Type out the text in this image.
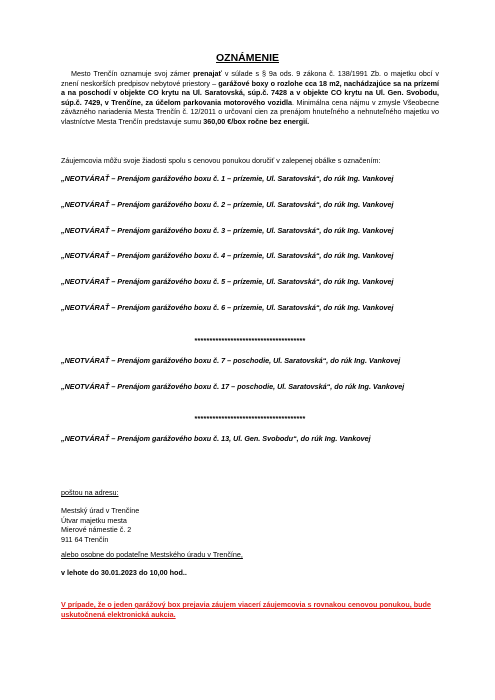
OZNÁMENIE

Mesto Trenčín oznamuje svoj zámer prenajať v súlade s § 9a ods. 9 zákona č. 138/1991 Zb. o majetku obcí v znení neskorších predpisov nebytové priestory – garážové boxy o rozlohe cca 18 m2, nachádzajúce sa na prízemí a na poschodí v objekte CO krytu na Ul. Saratovská, súp.č. 7428 a v objekte CO krytu na Ul. Gen. Svobodu, súp.č. 7429, v Trenčíne, za účelom parkovania motorového vozidla. Minimálna cena nájmu v zmysle Všeobecne záväzného nariadenia Mesta Trenčín č. 12/2011 o určovaní cien za prenájom hnuteľného a nehnuteľného majetku vo vlastníctve Mesta Trenčín predstavuje sumu 360,00 €/box ročne bez energií.

Záujemcovia môžu svoje žiadosti spolu s cenovou ponukou doručiť v zalepenej obálke s označením:
„NEOTVÁRAŤ – Prenájom garážového boxu č. 1 – prízemie, Ul. Saratovská“, do rúk Ing. Vankovej
„NEOTVÁRAŤ – Prenájom garážového boxu č. 2 – prízemie, Ul. Saratovská“, do rúk Ing. Vankovej
„NEOTVÁRAŤ – Prenájom garážového boxu č. 3 – prízemie, Ul. Saratovská“, do rúk Ing. Vankovej
„NEOTVÁRAŤ – Prenájom garážového boxu č. 4 – prízemie, Ul. Saratovská“, do rúk Ing. Vankovej
„NEOTVÁRAŤ – Prenájom garážového boxu č. 5 – prízemie, Ul. Saratovská“, do rúk Ing. Vankovej
„NEOTVÁRAŤ – Prenájom garážového boxu č. 6 – prízemie, Ul. Saratovská“, do rúk Ing. Vankovej
*************************************
„NEOTVÁRAŤ – Prenájom garážového boxu č. 7 – poschodie, Ul. Saratovská“, do rúk Ing. Vankovej
„NEOTVÁRAŤ – Prenájom garážového boxu č. 17 – poschodie, Ul. Saratovská“, do rúk Ing. Vankovej
*************************************
„NEOTVÁRAŤ – Prenájom garážového boxu č. 13, Ul. Gen. Svobodu“, do rúk Ing. Vankovej
poštou na adresu:
Mestský úrad v Trenčíne
Útvar majetku mesta
Mierové námestie č. 2
911 64 Trenčín
alebo osobne do podateľne Mestského úradu v Trenčíne,
v lehote do 30.01.2023 do 10,00 hod..
V prípade, že o jeden garážový box prejavia záujem viacerí záujemcovia s rovnakou cenovou ponukou, bude uskutočnená elektronická aukcia.
